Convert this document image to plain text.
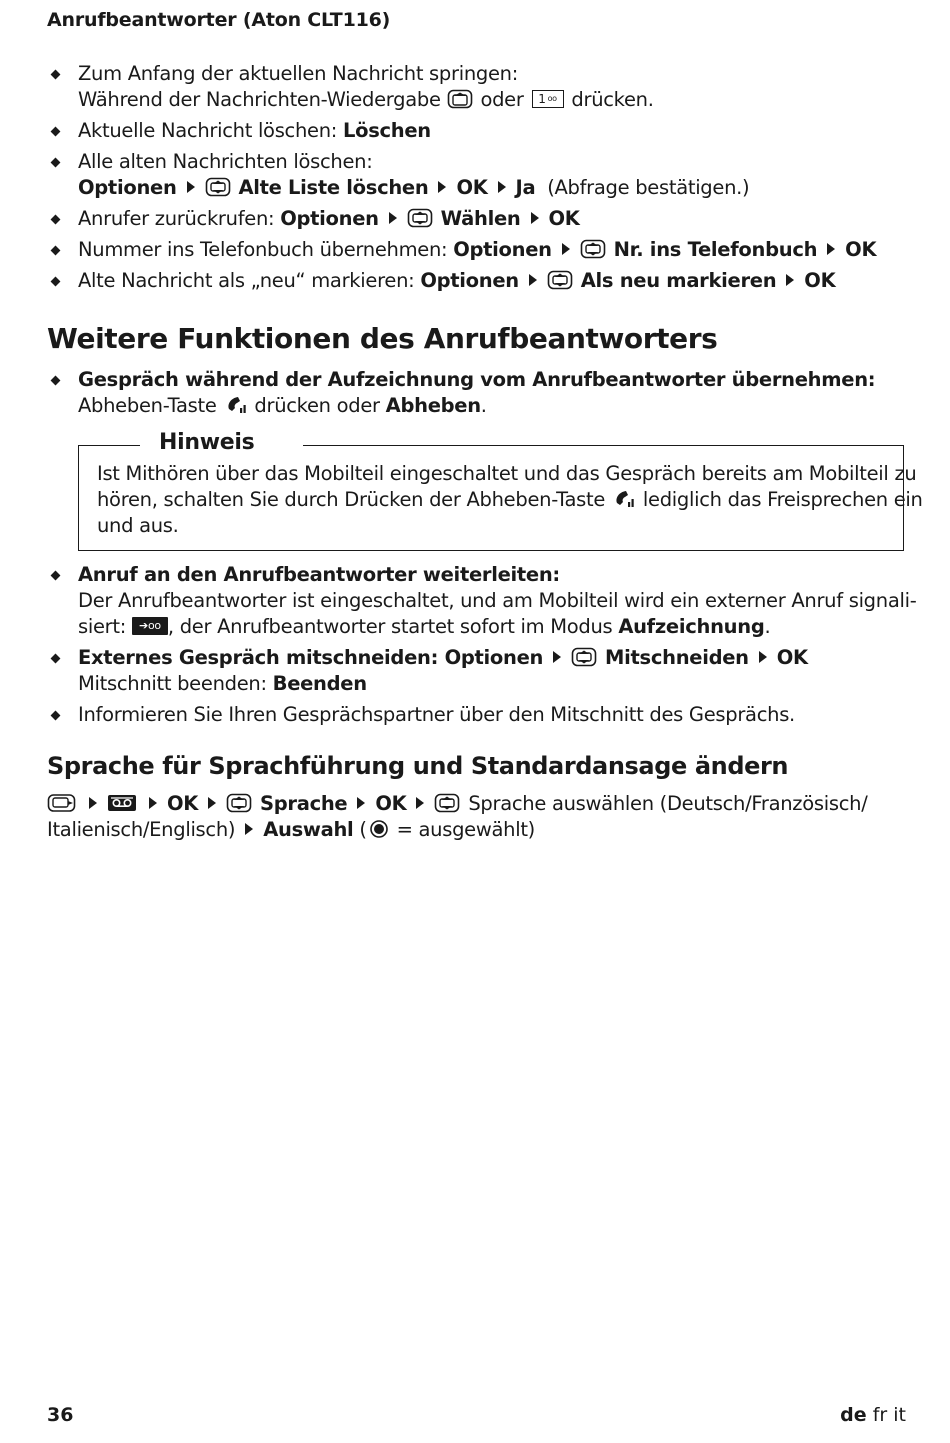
Anrufbeantworter (Aton CLT116)
Zum Anfang der aktuellen Nachricht springen:
Während der Nachrichten-Wiedergabe oder 1 oo drücken.
Aktuelle Nachricht löschen: Löschen
Alle alten Nachrichten löschen:
Optionen	Alte Liste löschen OK Ja (Abfrage bestätigen.)
Anrufer zurückrufen: Optionen	Wählen OK
Nummer ins Telefonbuch übernehmen: Optionen	Nr. ins Telefonbuch OK
Alte Nachricht als „neu“ markieren: Optionen	Als neu markieren OK
Weitere Funktionen des Anrufbeantworters
Gespräch während der Aufzeichnung vom Anrufbeantworter übernehmen:
Abheben-Taste drücken oder Abheben.
Hinweis
Ist Mithören über das Mobilteil eingeschaltet und das Gespräch bereits am Mobilteil zu
hören, schalten Sie durch Drücken der Abheben-Taste lediglich das Freisprechen ein
und aus.
Anruf an den Anrufbeantworter weiterleiten:
Der Anrufbeantworter ist eingeschaltet, und am Mobilteil wird ein externer Anruf signali-
siert: ➔oo , der Anrufbeantworter startet sofort im Modus Aufzeichnung.
Externes Gespräch mitschneiden: Optionen	Mitschneiden OK
Mitschnitt beenden: Beenden
Informieren Sie Ihren Gesprächspartner über den Mitschnitt des Gesprächs.
Sprache für Sprachführung und Standardansage ändern
OK	Sprache OK	Sprache auswählen (Deutsch/Französisch/
Italienisch/Englisch) Auswahl ( = ausgewählt)
36	de fr it
